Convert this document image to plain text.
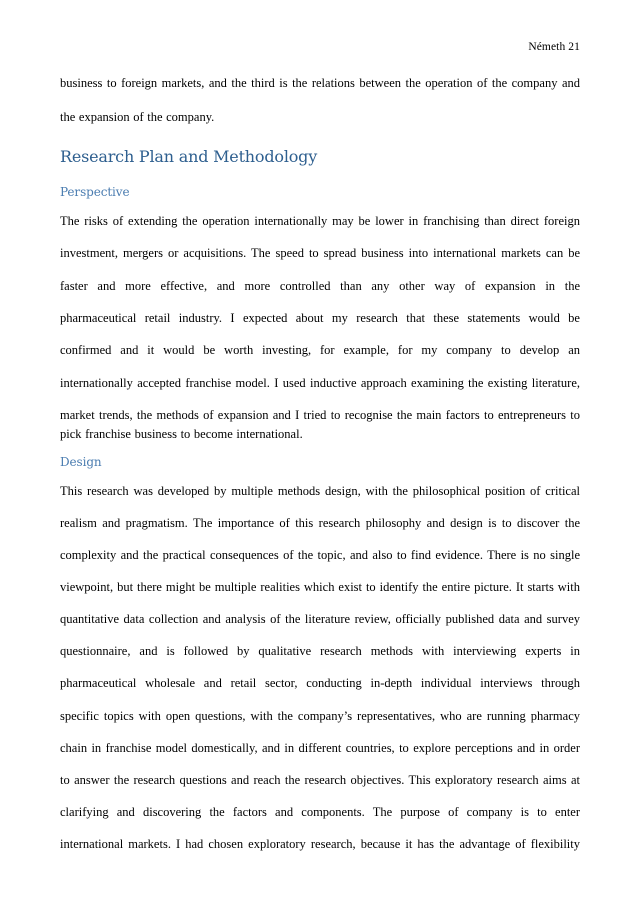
Németh 21
business to foreign markets, and the third is the relations between the operation of the company and
the expansion of the company.
Research Plan and Methodology
Perspective
The risks of extending the operation internationally may be lower in franchising than direct foreign
investment, mergers or acquisitions. The speed to spread business into international markets can be
faster and more effective, and more controlled than any other way of expansion in the
pharmaceutical retail industry. I expected about my research that these statements would be
confirmed and it would be worth investing, for example, for my company to develop an
internationally accepted franchise model. I used inductive approach examining the existing literature,
market trends, the methods of expansion and I tried to recognise the main factors to entrepreneurs to
pick franchise business to become international.
Design
This research was developed by multiple methods design, with the philosophical position of critical
realism and pragmatism. The importance of this research philosophy and design is to discover the
complexity and the practical consequences of the topic, and also to find evidence. There is no single
viewpoint, but there might be multiple realities which exist to identify the entire picture. It starts with
quantitative data collection and analysis of the literature review, officially published data and survey
questionnaire, and is followed by qualitative research methods with interviewing experts in
pharmaceutical wholesale and retail sector, conducting in-depth individual interviews through
specific topics with open questions, with the company’s representatives, who are running pharmacy
chain in franchise model domestically, and in different countries, to explore perceptions and in order
to answer the research questions and reach the research objectives. This exploratory research aims at
clarifying and discovering the factors and components. The purpose of company is to enter
international markets. I had chosen exploratory research, because it has the advantage of flexibility
